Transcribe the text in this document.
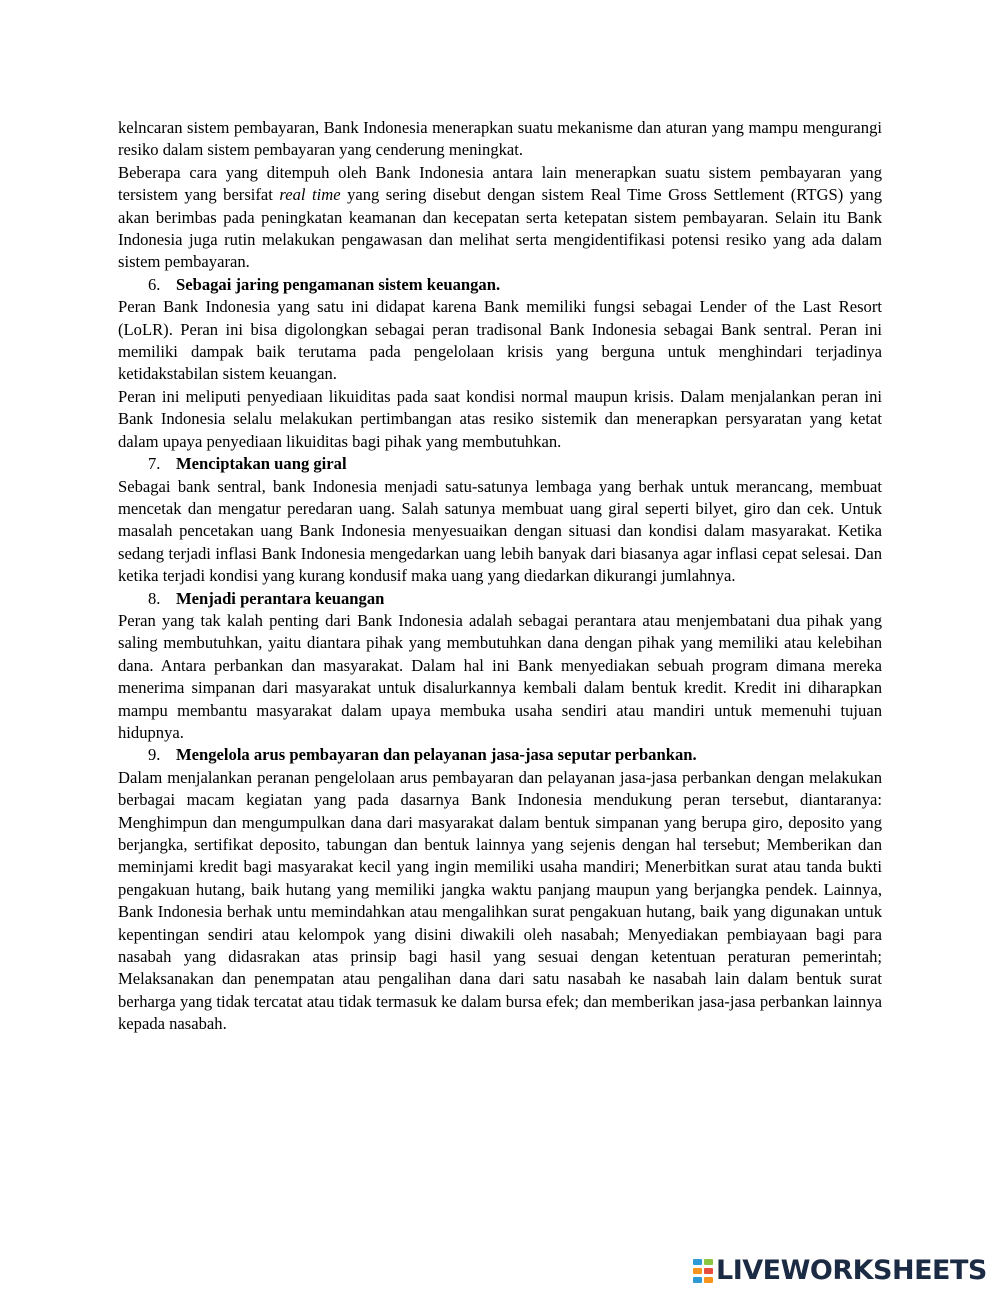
kelncaran sistem pembayaran, Bank Indonesia menerapkan suatu mekanisme dan aturan yang mampu mengurangi resiko dalam sistem pembayaran yang cenderung meningkat.

Beberapa cara yang ditempuh oleh Bank Indonesia antara lain menerapkan suatu sistem pembayaran yang tersistem yang bersifat real time yang sering disebut dengan sistem Real Time Gross Settlement (RTGS) yang akan berimbas pada peningkatan keamanan dan kecepatan serta ketepatan sistem pembayaran. Selain itu Bank Indonesia juga rutin melakukan pengawasan dan melihat serta mengidentifikasi potensi resiko yang ada dalam sistem pembayaran.

6. Sebagai jaring pengamanan sistem keuangan.

Peran Bank Indonesia yang satu ini didapat karena Bank memiliki fungsi sebagai Lender of the Last Resort (LoLR). Peran ini bisa digolongkan sebagai peran tradisonal Bank Indonesia sebagai Bank sentral. Peran ini memiliki dampak baik terutama pada pengelolaan krisis yang berguna untuk menghindari terjadinya ketidakstabilan sistem keuangan.

Peran ini meliputi penyediaan likuiditas pada saat kondisi normal maupun krisis. Dalam menjalankan peran ini Bank Indonesia selalu melakukan pertimbangan atas resiko sistemik dan menerapkan persyaratan yang ketat dalam upaya penyediaan likuiditas bagi pihak yang membutuhkan.

7. Menciptakan uang giral

Sebagai bank sentral, bank Indonesia menjadi satu-satunya lembaga yang berhak untuk merancang, membuat mencetak dan mengatur peredaran uang. Salah satunya membuat uang giral seperti bilyet, giro dan cek. Untuk masalah pencetakan uang Bank Indonesia menyesuaikan dengan situasi dan kondisi dalam masyarakat. Ketika sedang terjadi inflasi Bank Indonesia mengedarkan uang lebih banyak dari biasanya agar inflasi cepat selesai. Dan ketika terjadi kondisi yang kurang kondusif maka uang yang diedarkan dikurangi jumlahnya.

8. Menjadi perantara keuangan

Peran yang tak kalah penting dari Bank Indonesia adalah sebagai perantara atau menjembatani dua pihak yang saling membutuhkan, yaitu diantara pihak yang membutuhkan dana dengan pihak yang memiliki atau kelebihan dana. Antara perbankan dan masyarakat. Dalam hal ini Bank menyediakan sebuah program dimana mereka menerima simpanan dari masyarakat untuk disalurkannya kembali dalam bentuk kredit. Kredit ini diharapkan mampu membantu masyarakat dalam upaya membuka usaha sendiri atau mandiri untuk memenuhi tujuan hidupnya.

9. Mengelola arus pembayaran dan pelayanan jasa-jasa seputar perbankan.

Dalam menjalankan peranan pengelolaan arus pembayaran dan pelayanan jasa-jasa perbankan dengan melakukan berbagai macam kegiatan yang pada dasarnya Bank Indonesia mendukung peran tersebut, diantaranya: Menghimpun dan mengumpulkan dana dari masyarakat dalam bentuk simpanan yang berupa giro, deposito yang berjangka, sertifikat deposito, tabungan dan bentuk lainnya yang sejenis dengan hal tersebut; Memberikan dan meminjami kredit bagi masyarakat kecil yang ingin memiliki usaha mandiri; Menerbitkan surat atau tanda bukti pengakuan hutang, baik hutang yang memiliki jangka waktu panjang maupun yang berjangka pendek. Lainnya, Bank Indonesia berhak untu memindahkan atau mengalihkan surat pengakuan hutang, baik yang digunakan untuk kepentingan sendiri atau kelompok yang disini diwakili oleh nasabah; Menyediakan pembiayaan bagi para nasabah yang didasrakan atas prinsip bagi hasil yang sesuai dengan ketentuan peraturan pemerintah; Melaksanakan dan penempatan atau pengalihan dana dari satu nasabah ke nasabah lain dalam bentuk surat berharga yang tidak tercatat atau tidak termasuk ke dalam bursa efek; dan memberikan jasa-jasa perbankan lainnya kepada nasabah.

LIVEWORKSHEETS
